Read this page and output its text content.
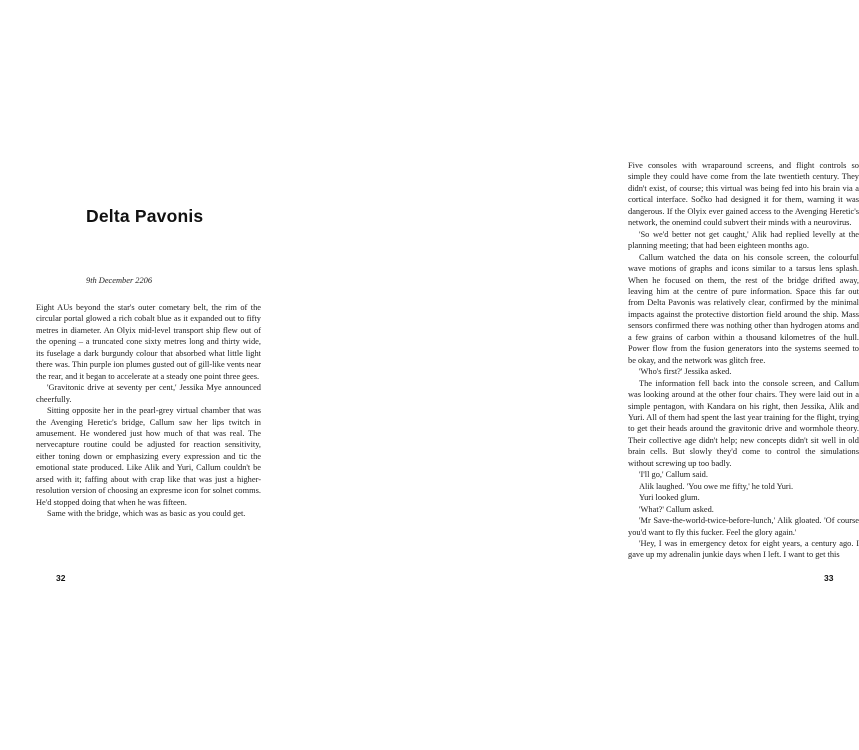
Delta Pavonis
9th December 2206

Eight AUs beyond the star's outer cometary belt, the rim of the circular portal glowed a rich cobalt blue as it expanded out to fifty metres in diameter. An Olyix mid-level transport ship flew out of the opening – a truncated cone sixty metres long and thirty wide, its fuselage a dark burgundy colour that absorbed what little light there was. Thin purple ion plumes gusted out of gill-like vents near the rear, and it began to accelerate at a steady one point three gees.

'Gravitonic drive at seventy per cent,' Jessika Mye announced cheerfully.

Sitting opposite her in the pearl-grey virtual chamber that was the Avenging Heretic's bridge, Callum saw her lips twitch in amusement. He wondered just how much of that was real. The nervecapture routine could be adjusted for reaction sensitivity, either toning down or emphasizing every expression and tic the emotional state produced. Like Alik and Yuri, Callum couldn't be arsed with it; faffing about with crap like that was just a higher-resolution version of choosing an expresme icon for solnet comms. He'd stopped doing that when he was fifteen.

Same with the bridge, which was as basic as you could get.

32

Five consoles with wraparound screens, and flight controls so simple they could have come from the late twentieth century. They didn't exist, of course; this virtual was being fed into his brain via a cortical interface. Sočko had designed it for them, warning it was dangerous. If the Olyix ever gained access to the Avenging Heretic's network, the onemind could subvert their minds with a neurovirus.

'So we'd better not get caught,' Alik had replied levelly at the planning meeting; that had been eighteen months ago.

Callum watched the data on his console screen, the colourful wave motions of graphs and icons similar to a tarsus lens splash. When he focused on them, the rest of the bridge drifted away, leaving him at the centre of pure information. Space this far out from Delta Pavonis was relatively clear, confirmed by the minimal impacts against the protective distortion field around the ship. Mass sensors confirmed there was nothing other than hydrogen atoms and a few grains of carbon within a thousand kilometres of the hull. Power flow from the fusion generators into the systems seemed to be okay, and the network was glitch free.

'Who's first?' Jessika asked.

The information fell back into the console screen, and Callum was looking around at the other four chairs. They were laid out in a simple pentagon, with Kandara on his right, then Jessika, Alik and Yuri. All of them had spent the last year training for the flight, trying to get their heads around the gravitonic drive and wormhole theory. Their collective age didn't help; new concepts didn't sit well in old brain cells. But slowly they'd come to control the simulations without screwing up too badly.

'I'll go,' Callum said.

Alik laughed. 'You owe me fifty,' he told Yuri.

Yuri looked glum.

'What?' Callum asked.

'Mr Save-the-world-twice-before-lunch,' Alik gloated. 'Of course you'd want to fly this fucker. Feel the glory again.'

'Hey, I was in emergency detox for eight years, a century ago. I gave up my adrenalin junkie days when I left. I want to get this

33
